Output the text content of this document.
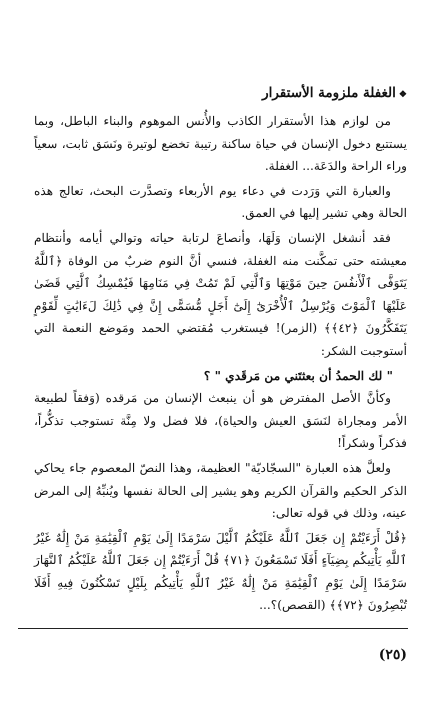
❖الغفلة ملزومة الأستقرار

من لوازم هذا الأستقرار الكاذب والأُنس الموهوم والبناء الباطل، وبما يستتبع دخول الإنسان في حياة ساكنة رتيبة تخضع لوتيرة ونَسَق ثابت، سعياً وراء الراحة والدَعَة... الغفلة.

والعبارة التي وَرَدت في دعاء يوم الأربعاء وتصدَّرت البحث، تعالج هذه الحالة وهي تشير إليها في العمق.

فقد أنشغل الإنسان وَلَهَا، وأنصاعَ لرتابة حياته وتوالي أيامه وأنتظام معيشته حتى تمكَّنت منه الغفلة، فنسي أنَّ النوم ضربٌ من الوفاة ﴿ٱللَّهُ يَتَوَفَّى ٱلْأَنفُسَ حِينَ مَوْتِهَا وَٱلَّتِي لَمْ تَمُتْ فِي مَنَامِهَا فَيُمْسِكُ ٱلَّتِي قَضَىٰ عَلَيْهَا ٱلْمَوْتَ وَيُرْسِلُ ٱلْأُخْرَىٰٓ إِلَىٰٓ أَجَلٍ مُّسَمًّى إِنَّ فِي ذَٰلِكَ لَءَايَٰتٍ لِّقَوْمٍ يَتَفَكَّرُونَ ﴿٤٢﴾﴾ (الزمر)! فيستغرب مُقتضي الحمد ومَوضع النعمة التي أستوجبت الشكر:

" لك الحمدُ أن بعثتَني من مَرقَدي " ؟

وكأنَّ الأصل المفترض هو أن ينبعث الإنسان من مَرقده (وَفقاً لطبيعة الأمر ومجاراة لنَسَق العيش والحياة)، فلا فضل ولا مِنَّة تستوجب تذكُّراً، فذكراً وشكراً!

ولعلَّ هذه العبارة "السجّاديّة" العظيمة، وهذا النصّ المعصوم جاء يحاكي الذكر الحكيم والقرآن الكريم وهو يشير إلى الحالة نفسها ويُنبِّهُ إلى المرض عينه، وذلك في قوله تعالى:

﴿قُلْ أَرَءَيْتُمْ إِن جَعَلَ ٱللَّهُ عَلَيْكُمُ ٱلَّيْلَ سَرْمَدًا إِلَىٰ يَوْمِ ٱلْقِيَٰمَةِ مَنْ إِلَٰهٌ غَيْرُ ٱللَّهِ يَأْتِيكُم بِضِيَآءٍ أَفَلَا تَسْمَعُونَ ﴿٧١﴾ قُلْ أَرَءَيْتُمْ إِن جَعَلَ ٱللَّهُ عَلَيْكُمُ ٱلنَّهَارَ سَرْمَدًا إِلَىٰ يَوْمِ ٱلْقِيَٰمَةِ مَنْ إِلَٰهٌ غَيْرُ ٱللَّهِ يَأْتِيكُم بِلَيْلٍ تَسْكُنُونَ فِيهِ أَفَلَا تُبْصِرُونَ ﴿٧٢﴾﴾ (القصص)؟...

(٢٥)
